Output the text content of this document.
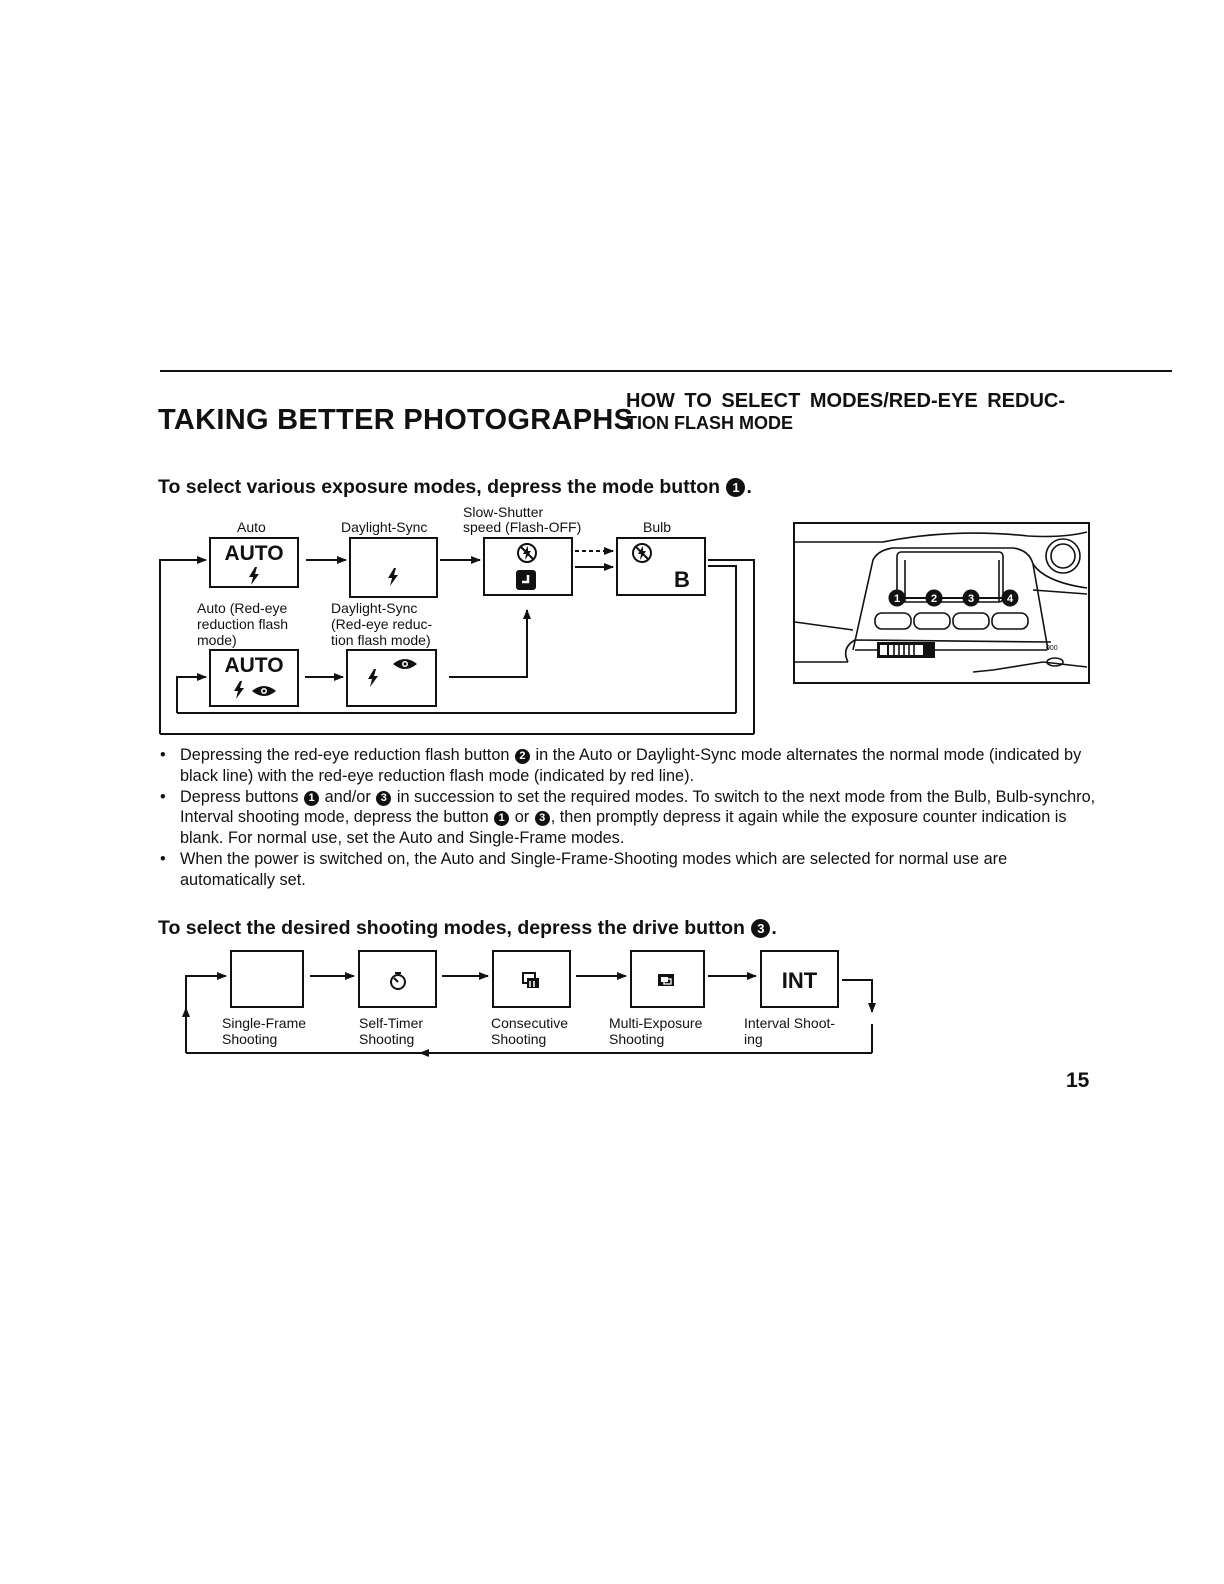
TAKING BETTER PHOTOGRAPHS
HOW TO SELECT MODES/RED-EYE REDUC-
TION FLASH MODE
To select various exposure modes, depress the mode button 1 .
Auto	Daylight-Sync
Slow-Shutter
speed (Flash-OFF)	Bulb
Auto (Red-eye
reduction flash
mode)
Daylight-Sync
(Red-eye reduc-
tion flash mode)
AUTO
B
AUTO
000
1	2	3	4
• Depressing the red-eye reduction flash button 2 in the Auto or Daylight-Sync mode alternates the normal mode (indicated by black line) with the red-eye reduction flash mode (indicated by red line).
• Depress buttons 1 and/or 3 in succession to set the required modes. To switch to the next mode from the Bulb, Bulb-synchro, Interval shooting mode, depress the button 1 or 3 , then promptly depress it again while the exposure counter indication is blank. For normal use, set the Auto and Single-Frame modes.
• When the power is switched on, the Auto and Single-Frame-Shooting modes which are selected for normal use are automatically set.
To select the desired shooting modes, depress the drive button 3 .
INT
Single-Frame
Shooting
Self-Timer
Shooting
Consecutive
Shooting
Multi-Exposure
Shooting
Interval Shoot-
ing
15
